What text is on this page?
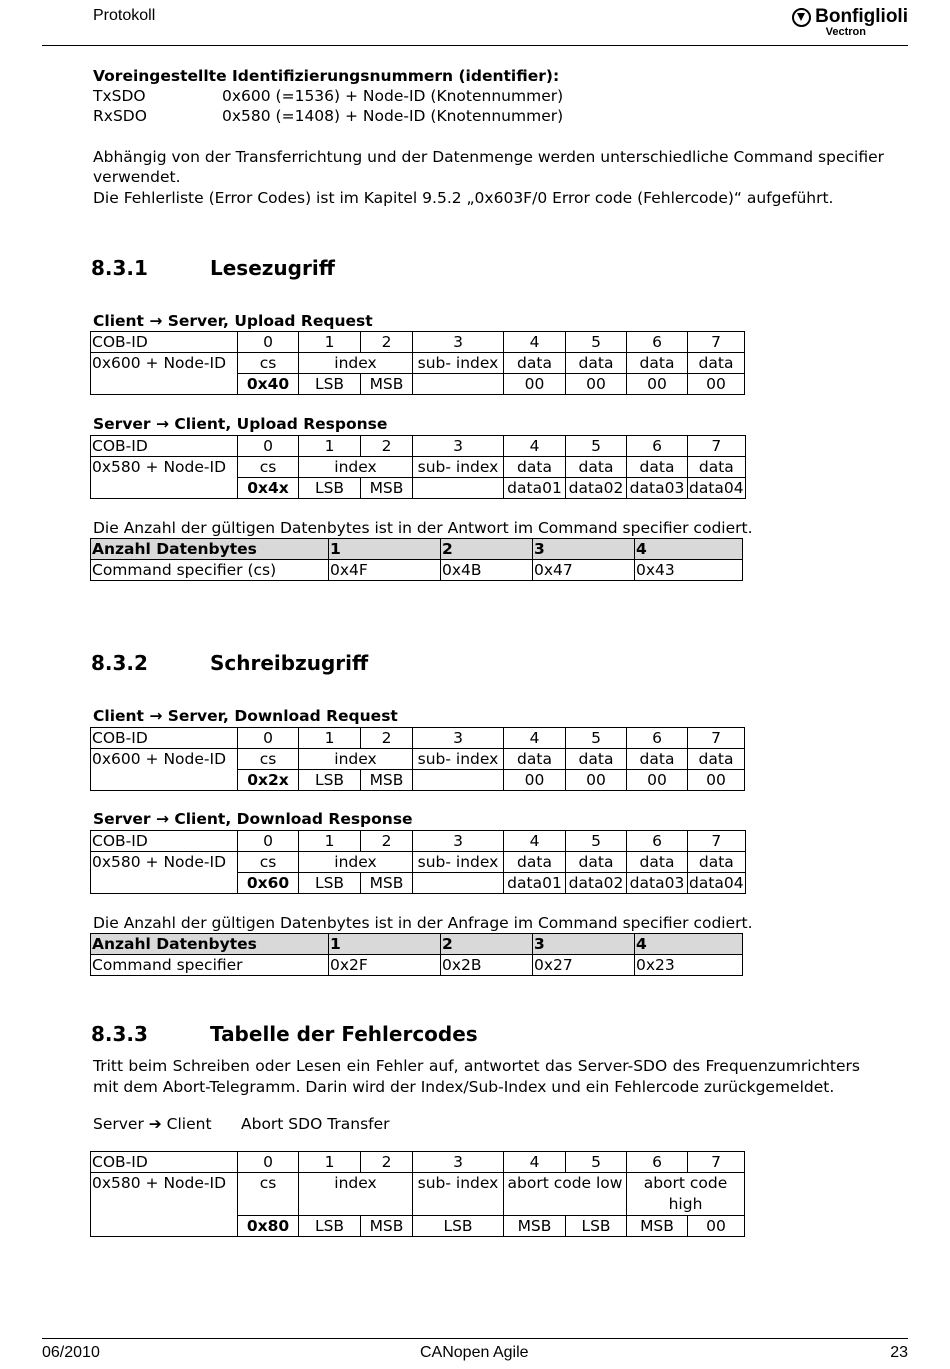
Protokoll	Bonfiglioli
Vectron
Voreingestellte Identifizierungsnummern (identifier):
TxSDO	0x600 (=1536) + Node-ID (Knotennummer)
RxSDO	0x580 (=1408) + Node-ID (Knotennummer)
Abhängig von der Transferrichtung und der Datenmenge werden unterschiedliche Command specifier
verwendet.
Die Fehlerliste (Error Codes) ist im Kapitel 9.5.2 „0x603F/0 Error code (Fehlercode)“ aufgeführt.
8.3.1	Lesezugriff
Client → Server, Upload Request
COB-ID	0	1	2	3	4	5	6	7
0x600 + Node-ID	cs	index		sub- index	data	data	data	data
	0x40	LSB	MSB		00	00	00	00
Server → Client, Upload Response
COB-ID	0	1	2	3	4	5	6	7
0x580 + Node-ID	cs	index		sub- index	data	data	data	data
	0x4x	LSB	MSB		data01	data02	data03	data04
Die Anzahl der gültigen Datenbytes ist in der Antwort im Command specifier codiert.
Anzahl Datenbytes	1	2	3	4
Command specifier (cs)	0x4F	0x4B	0x47	0x43
8.3.2	Schreibzugriff
Client → Server, Download Request
COB-ID	0	1	2	3	4	5	6	7
0x600 + Node-ID	cs	index		sub- index	data	data	data	data
	0x2x	LSB	MSB		00	00	00	00
Server → Client, Download Response
COB-ID	0	1	2	3	4	5	6	7
0x580 + Node-ID	cs	index		sub- index	data	data	data	data
	0x60	LSB	MSB		data01	data02	data03	data04
Die Anzahl der gültigen Datenbytes ist in der Anfrage im Command specifier codiert.
Anzahl Datenbytes	1	2	3	4
Command specifier	0x2F	0x2B	0x27	0x23
8.3.3	Tabelle der Fehlercodes
Tritt beim Schreiben oder Lesen ein Fehler auf, antwortet das Server-SDO des Frequenzumrichters
mit dem Abort-Telegramm. Darin wird der Index/Sub-Index und ein Fehlercode zurückgemeldet.
Server ➔ Client Abort SDO Transfer
COB-ID	0	1	2	3	4	5	6	7
0x580 + Node-ID	cs	index		sub- index	abort code low		abort code high	
	0x80	LSB	MSB	LSB	MSB	LSB	MSB	00
06/2010	CANopen Agile	23
